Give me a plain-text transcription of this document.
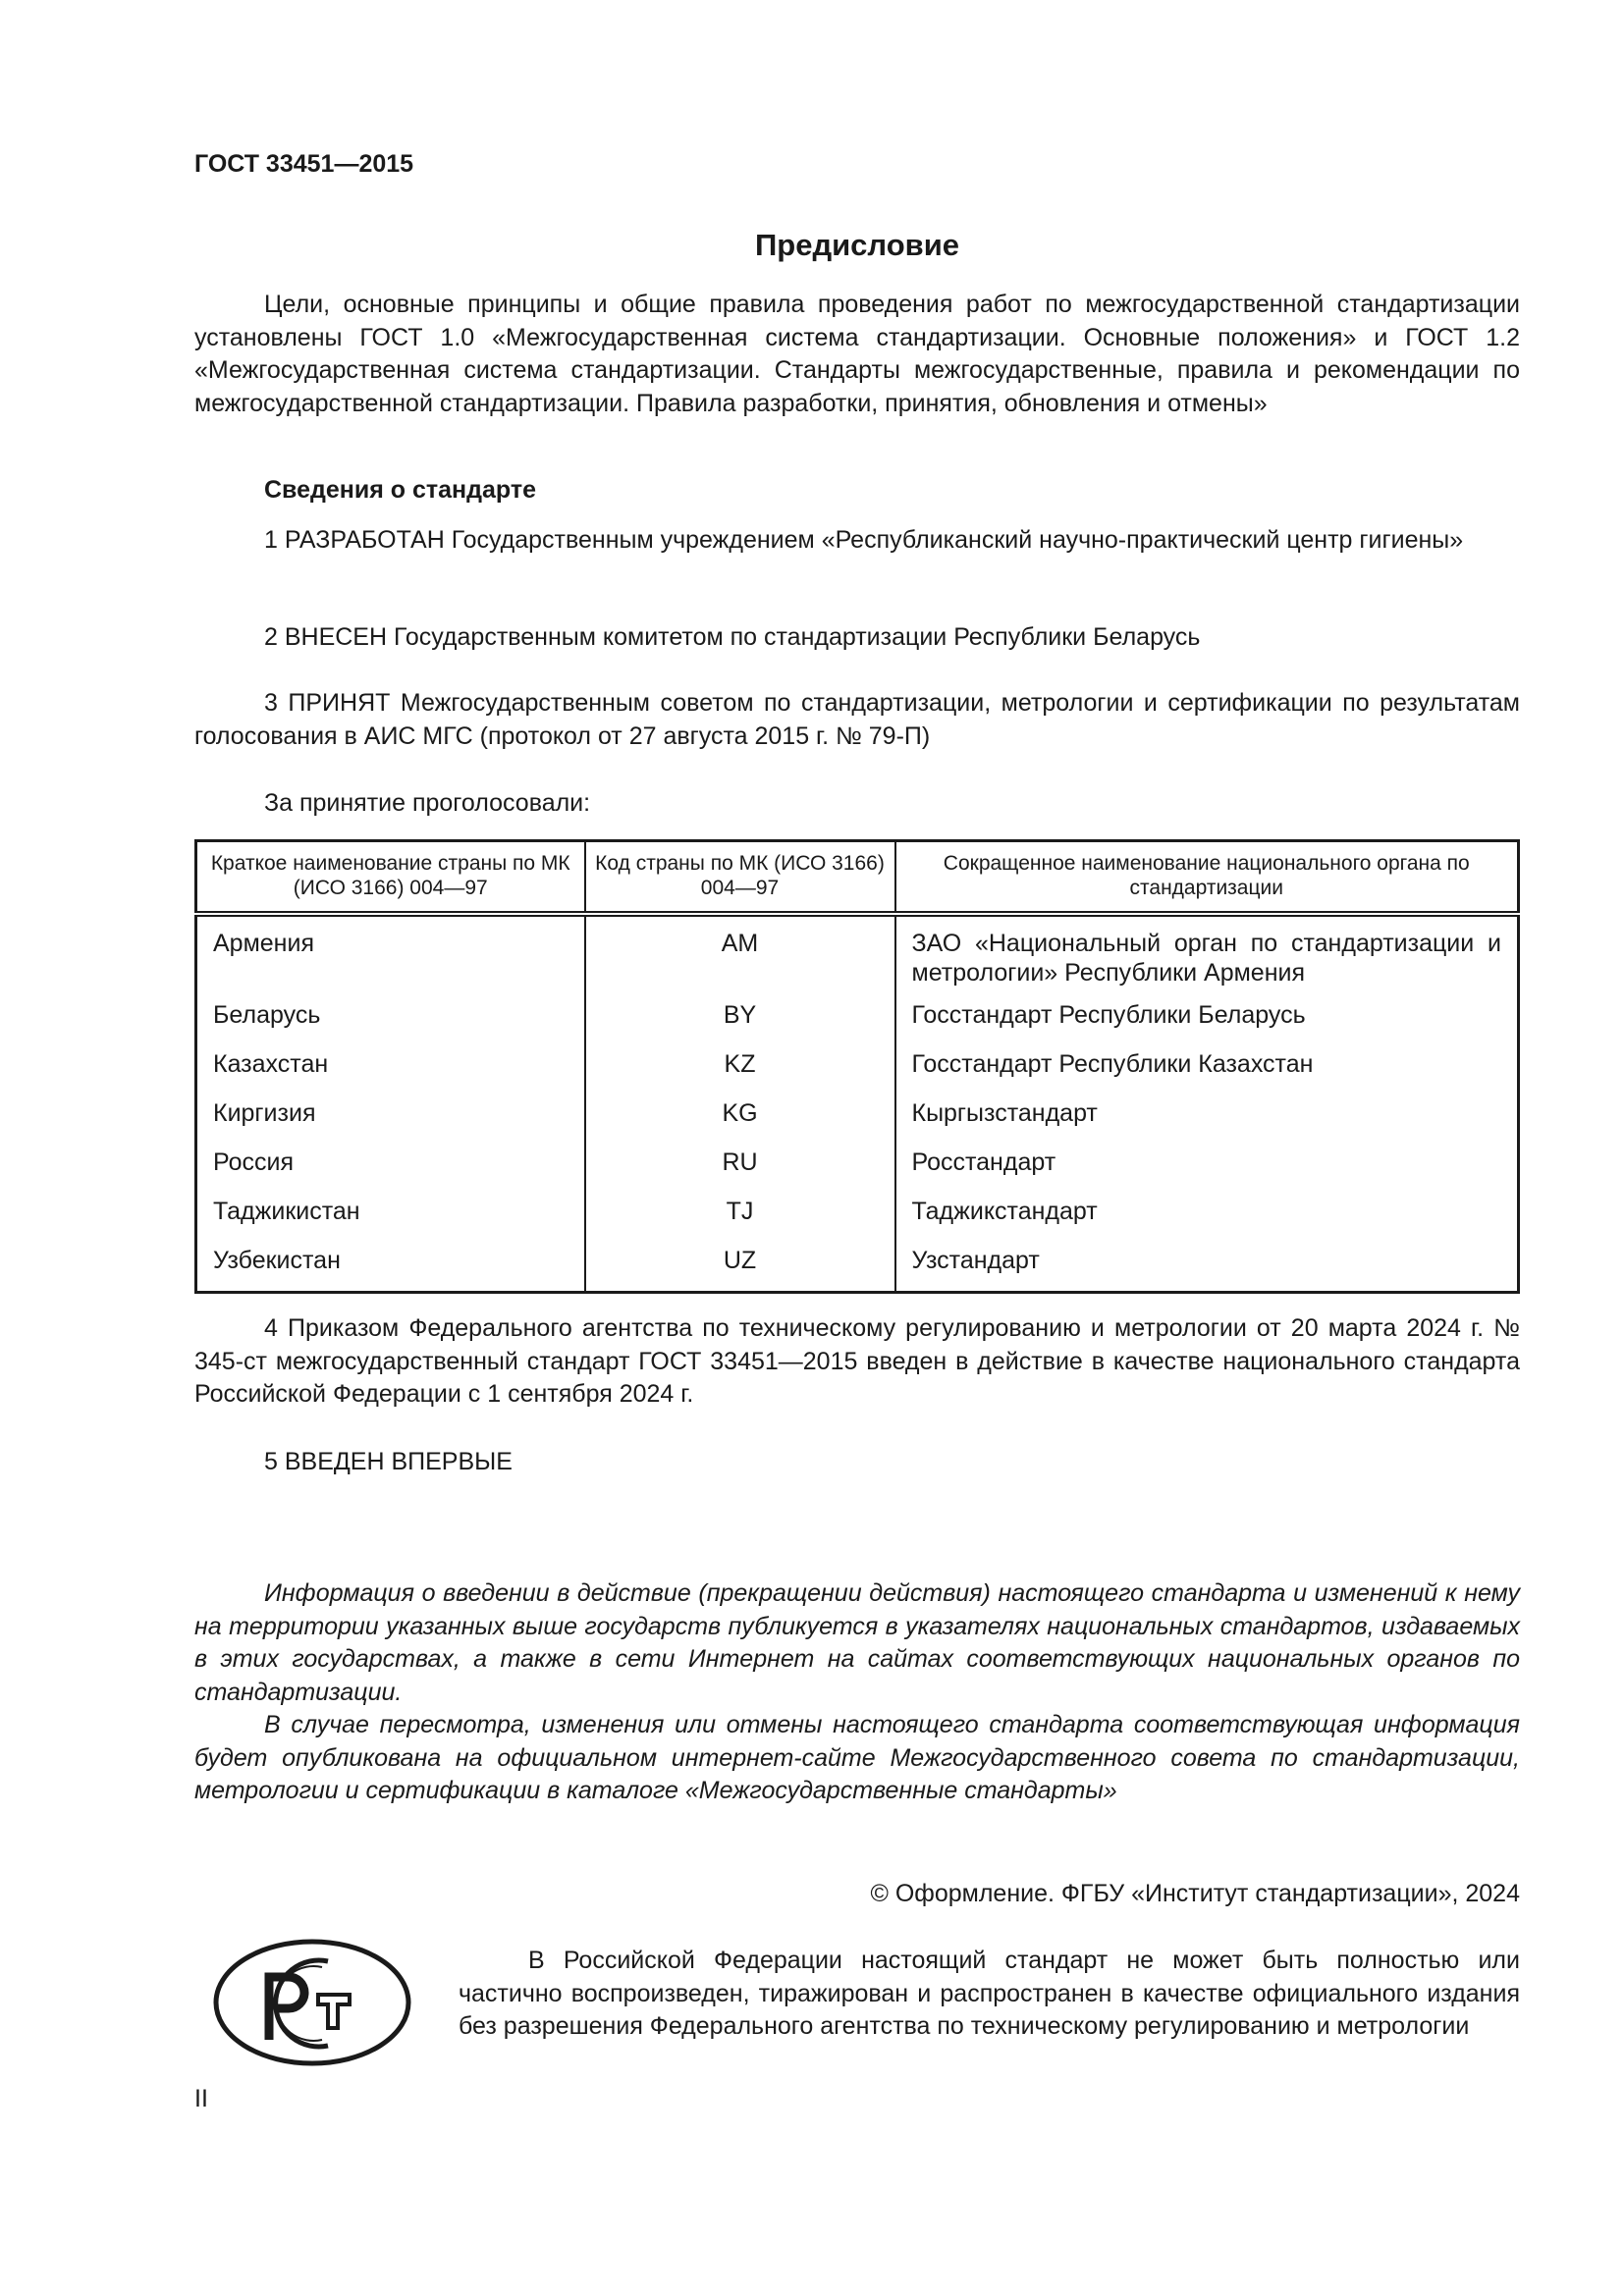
ГОСТ 33451—2015
Предисловие
Цели, основные принципы и общие правила проведения работ по межгосударственной стандартизации установлены ГОСТ 1.0 «Межгосударственная система стандартизации. Основные положения» и ГОСТ 1.2 «Межгосударственная система стандартизации. Стандарты межгосударственные, правила и рекомендации по межгосударственной стандартизации. Правила разработки, принятия, обновления и отмены»
Сведения о стандарте
1 РАЗРАБОТАН Государственным учреждением «Республиканский научно-практический центр гигиены»
2 ВНЕСЕН Государственным комитетом по стандартизации Республики Беларусь
3 ПРИНЯТ Межгосударственным советом по стандартизации, метрологии и сертификации по результатам голосования в АИС МГС (протокол от 27 августа 2015 г. № 79-П)
За принятие проголосовали:
Краткое наименование страны по МК (ИСО 3166) 004—97	Код страны по МК (ИСО 3166) 004—97	Сокращенное наименование национального органа по стандартизации
Армения	AM	ЗАО «Национальный орган по стандартизации и метрологии» Республики Армения
Беларусь	BY	Госстандарт Республики Беларусь
Казахстан	KZ	Госстандарт Республики Казахстан
Киргизия	KG	Кыргызстандарт
Россия	RU	Росстандарт
Таджикистан	TJ	Таджикстандарт
Узбекистан	UZ	Узстандарт
4 Приказом Федерального агентства по техническому регулированию и метрологии от 20 марта 2024 г. № 345-ст межгосударственный стандарт ГОСТ 33451—2015 введен в действие в качестве национального стандарта Российской Федерации с 1 сентября 2024 г.
5 ВВЕДЕН ВПЕРВЫЕ
Информация о введении в действие (прекращении действия) настоящего стандарта и изменений к нему на территории указанных выше государств публикуется в указателях национальных стандартов, издаваемых в этих государствах, а также в сети Интернет на сайтах соответствующих национальных органов по стандартизации.
В случае пересмотра, изменения или отмены настоящего стандарта соответствующая информация будет опубликована на официальном интернет-сайте Межгосударственного совета по стандартизации, метрологии и сертификации в каталоге «Межгосударственные стандарты»
© Оформление. ФГБУ «Институт стандартизации», 2024
В Российской Федерации настоящий стандарт не может быть полностью или частично воспроизведен, тиражирован и распространен в качестве официального издания без разрешения Федерального агентства по техническому регулированию и метрологии
II
